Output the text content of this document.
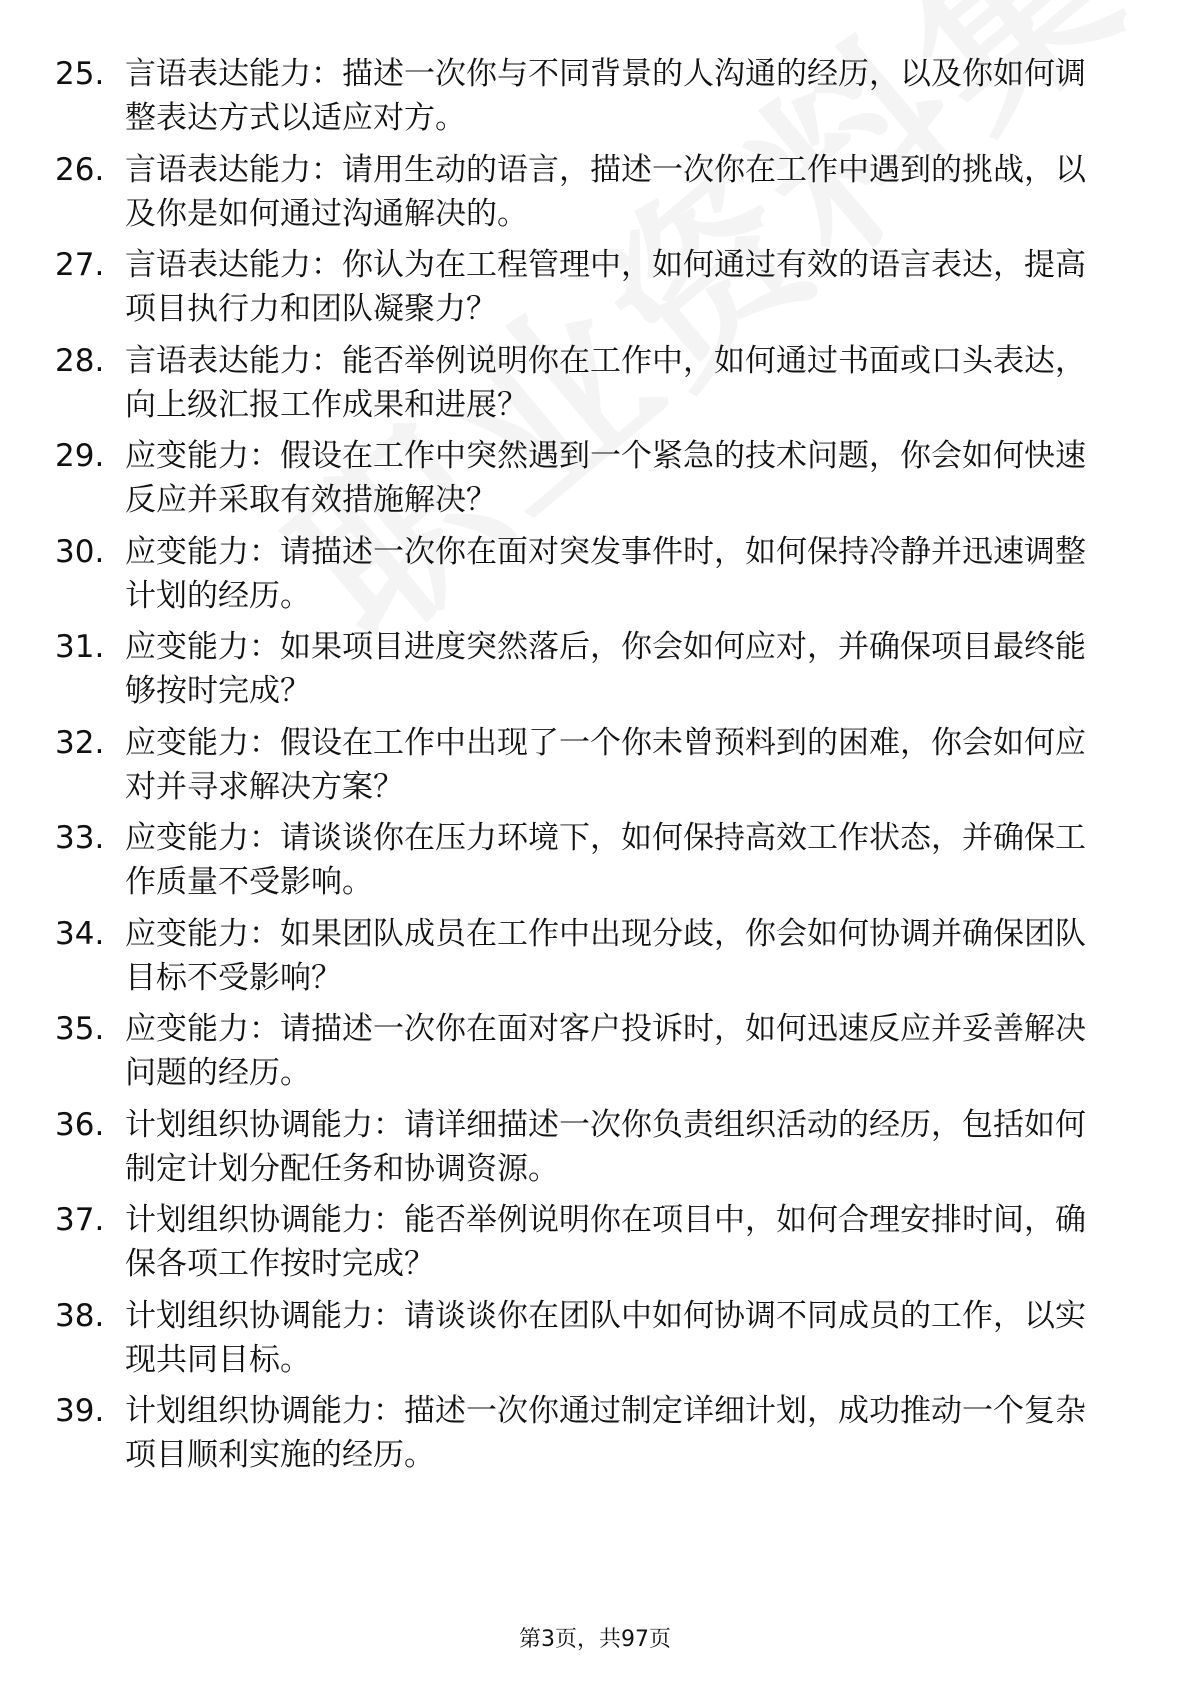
25. 言语表达能力：描述一次你与不同背景的人沟通的经历，以及你如何调整表达方式以适应对方。
26. 言语表达能力：请用生动的语言，描述一次你在工作中遇到的挑战，以及你是如何通过沟通解决的。
27. 言语表达能力：你认为在工程管理中，如何通过有效的语言表达，提高项目执行力和团队凝聚力？
28. 言语表达能力：能否举例说明你在工作中，如何通过书面或口头表达，向上级汇报工作成果和进展？
29. 应变能力：假设在工作中突然遇到一个紧急的技术问题，你会如何快速反应并采取有效措施解决？
30. 应变能力：请描述一次你在面对突发事件时，如何保持冷静并迅速调整计划的经历。
31. 应变能力：如果项目进度突然落后，你会如何应对，并确保项目最终能够按时完成？
32. 应变能力：假设在工作中出现了一个你未曾预料到的困难，你会如何应对并寻求解决方案？
33. 应变能力：请谈谈你在压力环境下，如何保持高效工作状态，并确保工作质量不受影响。
34. 应变能力：如果团队成员在工作中出现分歧，你会如何协调并确保团队目标不受影响？
35. 应变能力：请描述一次你在面对客户投诉时，如何迅速反应并妥善解决问题的经历。
36. 计划组织协调能力：请详细描述一次你负责组织活动的经历，包括如何制定计划分配任务和协调资源。
37. 计划组织协调能力：能否举例说明你在项目中，如何合理安排时间，确保各项工作按时完成？
38. 计划组织协调能力：请谈谈你在团队中如何协调不同成员的工作，以实现共同目标。
39. 计划组织协调能力：描述一次你通过制定详细计划，成功推动一个复杂项目顺利实施的经历。
第3页，共97页
